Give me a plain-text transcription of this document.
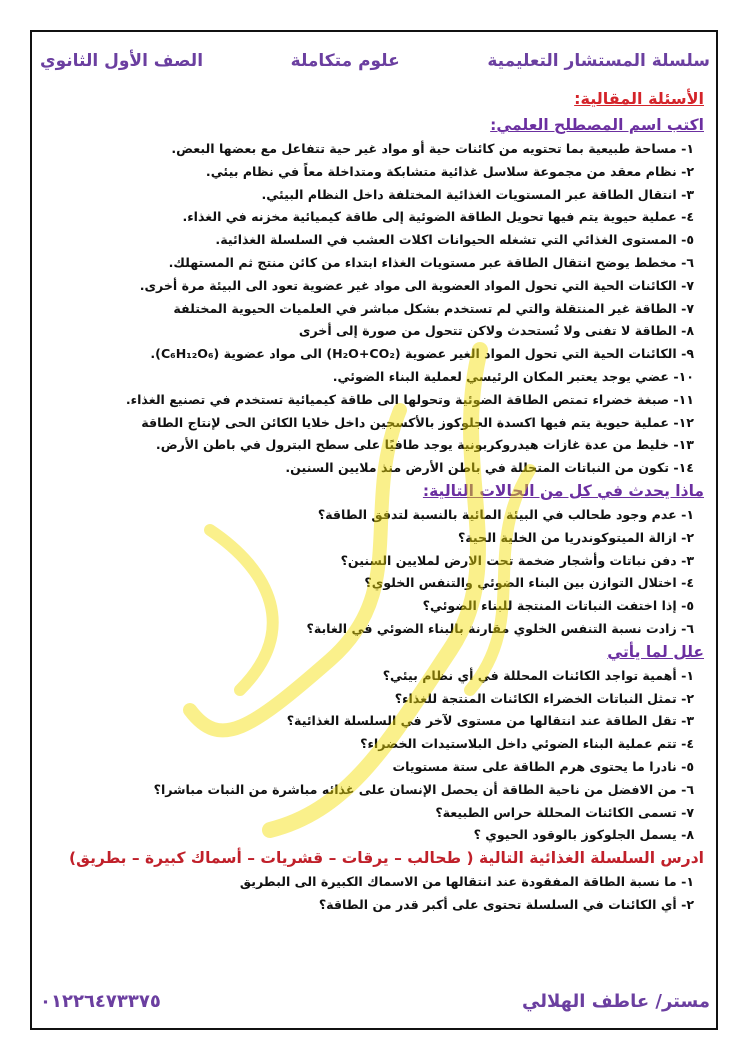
سلسلة المستشار التعليمية
علوم متكاملة
الصف الأول الثانوي
الأسئلة المقالية:
اكتب اسم المصطلح العلمي:
١- مساحة طبيعية بما تحتويه من كائنات حية أو مواد غير حية تتفاعل مع بعضها البعض.
٢- نظام معقد من مجموعة سلاسل غذائية متشابكة ومتداخلة معاً في نظام بيئي.
٣- انتقال الطاقة عبر المستويات الغذائية المختلفة داخل النظام البيئي.
٤- عملية حيوية يتم فيها تحويل الطاقة الضوئية إلى طاقة كيميائية مخزنه في الغذاء.
٥- المستوى الغذائي التي تشغله الحيوانات اكلات العشب في السلسلة الغذائية.
٦- مخطط يوضح انتقال الطاقة عبر مستويات الغذاء ابتداء من كائن منتج ثم المستهلك.
٧- الكائنات الحية التي تحول المواد العضوية الى مواد غير عضوية تعود الى البيئة مرة أخرى.
٧- الطاقة غير المنتقلة والتي لم تستخدم بشكل مباشر في العلميات الحيوية المختلفة
٨- الطاقة لا تفنى ولا تُستحدث ولاكن تتحول من صورة إلى أخرى
٩- الكائنات الحية التي تحول المواد الغير عضوية (H₂O+CO₂) الى مواد عضوية (C₆H₁₂O₆).
١٠- عضي يوجد يعتبر المكان الرئيسي لعملية البناء الضوئي.
١١- صبغة خضراء تمتص الطاقة الضوئية وتحولها الى طاقة كيميائية تستخدم في تصنيع الغذاء.
١٢- عملية حيوية يتم فيها اكسدة الجلوكوز بالأكسجين داخل خلايا الكائن الحى لإنتاج الطاقة
١٣- خليط من عدة غازات هيدروكربونية يوجد طافيًا على سطح البترول في باطن الأرض.
١٤- تكون من النباتات المتحللة في باطن الأرض منذ ملايين السنين.
ماذا يحدث في كل من الحالات التالية:
١- عدم وجود طحالب في البيئة المائية بالنسبة لتدفق الطاقة؟
٢- ازالة الميتوكوندريا من الخلية الحية؟
٣- دفن نباتات وأشجار ضخمة تحت الارض لملايين السنين؟
٤- اختلال التوازن بين البناء الضوئي والتنفس الخلوي؟
٥- إذا اختفت النباتات المنتجة للبناء الضوئي؟
٦- زادت نسبة التنفس الخلوي مقارنة بالبناء الضوئي في الغابة؟
علل لما يأتي
١- أهمية تواجد الكائنات المحللة في أي نظام بيئي؟
٢- تمثل النباتات الخضراء الكائنات المنتجة للغذاء؟
٣- تقل الطاقة عند انتقالها من مستوى لآخر في السلسلة الغذائية؟
٤- تتم عملية البناء الضوئي داخل البلاستيدات الخضراء؟
٥- نادرا ما يحتوى هرم الطاقة على ستة مستويات
٦- من الافضل من ناحية الطاقة أن يحصل الإنسان على غذائه مباشرة من النبات مباشرا؟
٧- تسمى الكائنات المحللة حراس الطبيعة؟
٨- يسمل الجلوكوز بالوقود الحيوي ؟
ادرس السلسلة الغذائية التالية ( طحالب – يرقات – قشريات – أسماك كبيرة – بطريق)
١- ما نسبة الطاقة المفقودة عند انتقالها من الاسماك الكبيرة الى البطريق
٢- أي الكائنات في السلسلة تحتوى على أكبر قدر من الطاقة؟
مستر/ عاطف الهلالي
٠١٢٢٦٤٧٣٣٧٥
